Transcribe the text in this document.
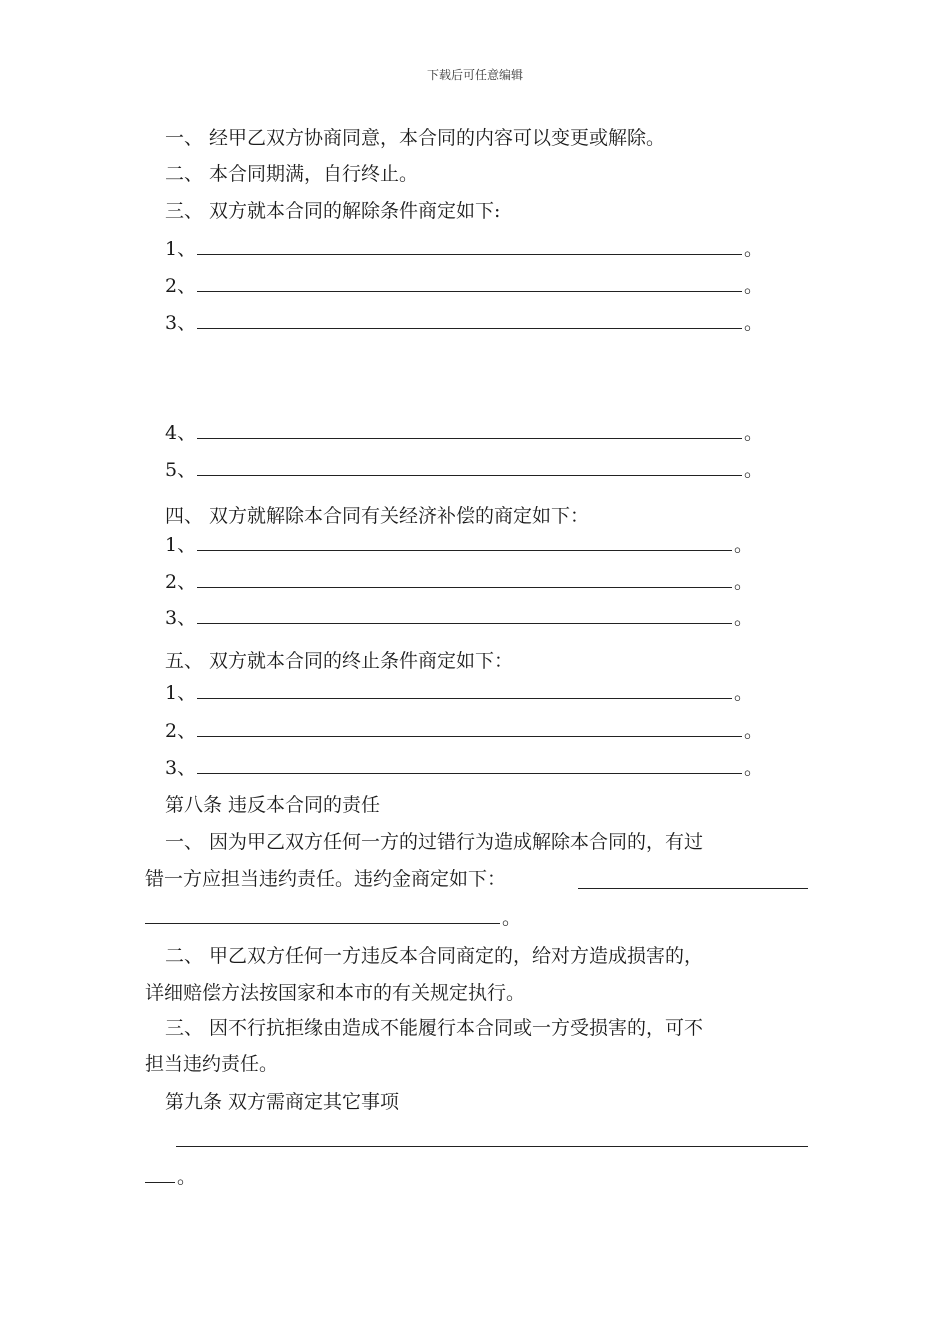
下载后可任意编辑
一、 经甲乙双方协商同意，本合同的内容可以变更或解除。
二、 本合同期满，自行终止。
三、 双方就本合同的解除条件商定如下:
四、 双方就解除本合同有关经济补偿的商定如下：
五、 双方就本合同的终止条件商定如下：
第八条 违反本合同的责任
一、 因为甲乙双方任何一方的过错行为造成解除本合同的，有过
错一方应担当违约责任。违约金商定如下：
二、 甲乙双方任何一方违反本合同商定的，给对方造成损害的，
详细赔偿方法按国家和本市的有关规定执行。
三、 因不行抗拒缘由造成不能履行本合同或一方受损害的，可不
担当违约责任。
第九条 双方需商定其它事项
1、	。
2、	。
3、	。
4、	。
5、	。
1、	。
2、	。
3、	。
1、	。
2、	。
3、	。
。
。
